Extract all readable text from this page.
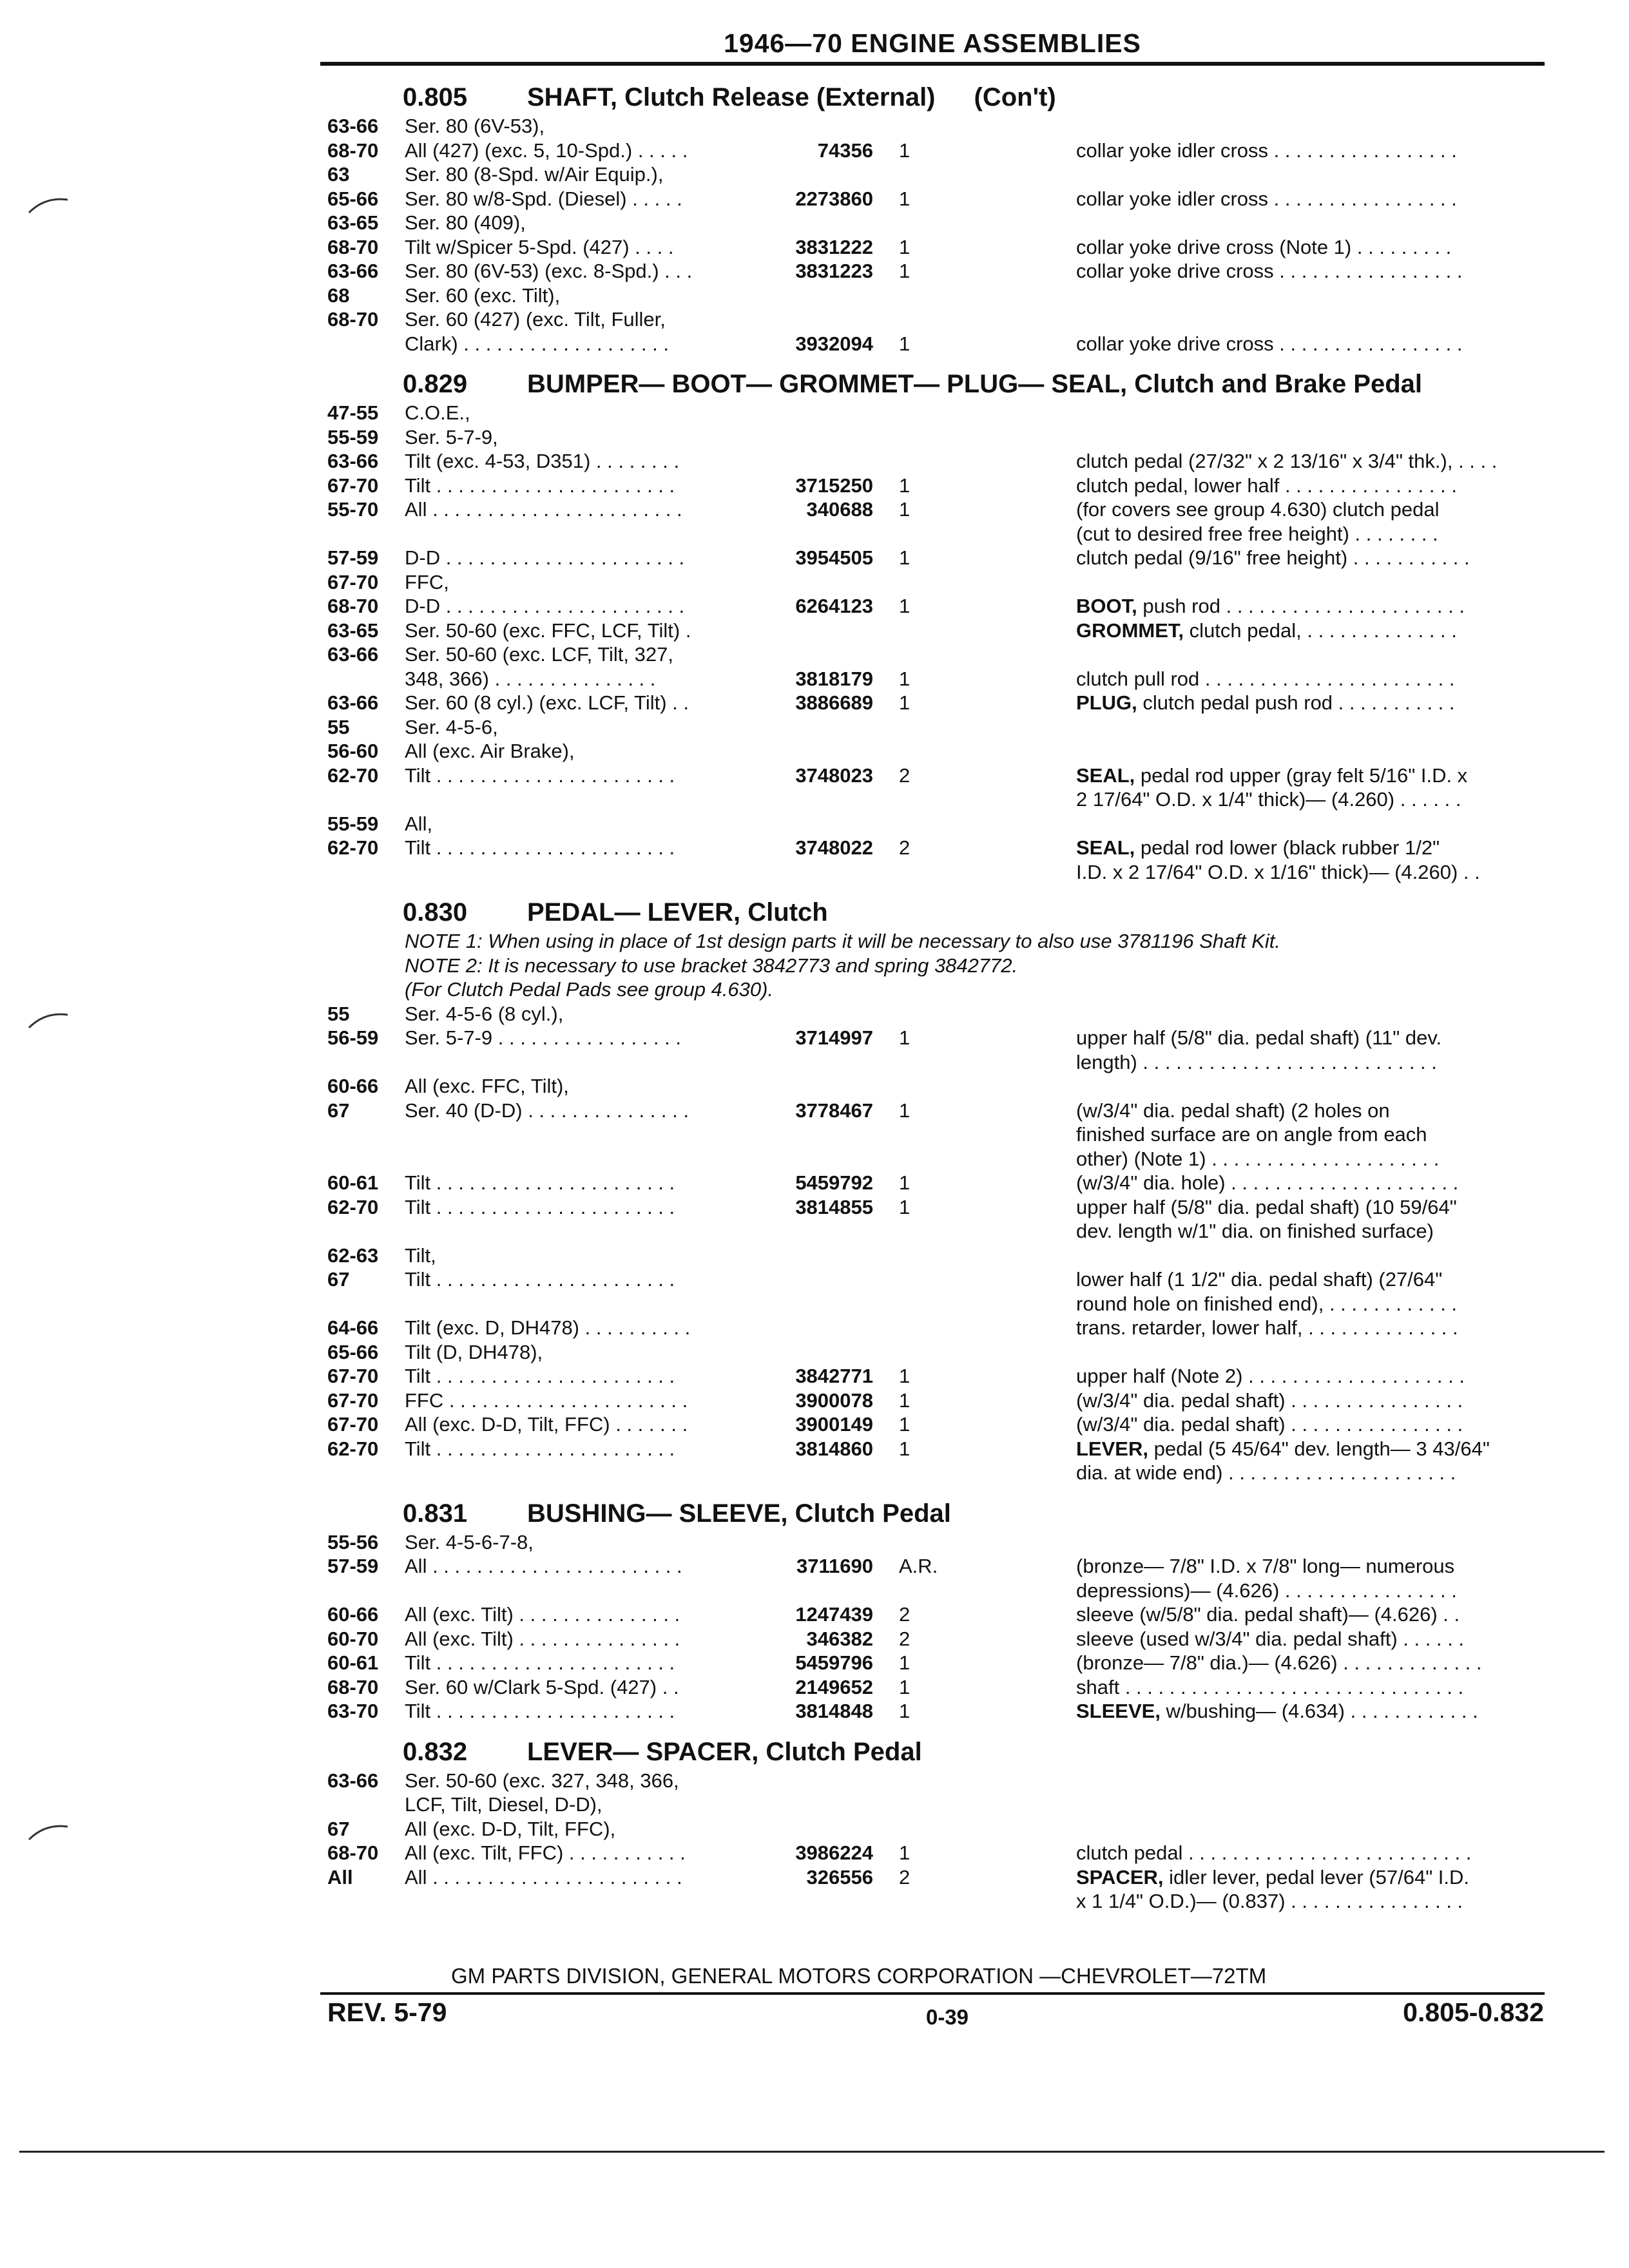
1946—70 ENGINE ASSEMBLIES
0.805 SHAFT, Clutch Release (External) (Con't)
63-66	Ser. 80 (6V-53),
68-70	All (427) (exc. 5, 10-Spd.) . . . . .	74356 1	collar yoke idler cross . . . . . . . . . . . . . . . . .
63	Ser. 80 (8-Spd. w/Air Equip.),
65-66	Ser. 80 w/8-Spd. (Diesel) . . . . .	2273860 1	collar yoke idler cross . . . . . . . . . . . . . . . . .
63-65	Ser. 80 (409),
68-70	Tilt w/Spicer 5-Spd. (427) . . . .	3831222 1	collar yoke drive cross (Note 1) . . . . . . . . .
63-66	Ser. 80 (6V-53) (exc. 8-Spd.) . . .	3831223 1	collar yoke drive cross . . . . . . . . . . . . . . . . .
68	Ser. 60 (exc. Tilt),
68-70	Ser. 60 (427) (exc. Tilt, Fuller,
Clark) . . . . . . . . . . . . . . . . . . .	3932094 1	collar yoke drive cross . . . . . . . . . . . . . . . . .
0.829 BUMPER— BOOT— GROMMET— PLUG— SEAL, Clutch and Brake Pedal
47-55	C.O.E.,
55-59	Ser. 5-7-9,
63-66	Tilt (exc. 4-53, D351) . . . . . . . .	clutch pedal (27/32" x 2 13/16" x 3/4" thk.), . . . .
67-70	Tilt . . . . . . . . . . . . . . . . . . . . . .	3715250 1	clutch pedal, lower half . . . . . . . . . . . . . . . .
55-70	All . . . . . . . . . . . . . . . . . . . . . . .	340688 1	(for covers see group 4.630) clutch pedal
(cut to desired free free height) . . . . . . . .
57-59	D-D . . . . . . . . . . . . . . . . . . . . . .	3954505 1	clutch pedal (9/16" free height) . . . . . . . . . . .
67-70	FFC,
68-70	D-D . . . . . . . . . . . . . . . . . . . . . .	6264123 1	BOOT, push rod . . . . . . . . . . . . . . . . . . . . . .
63-65	Ser. 50-60 (exc. FFC, LCF, Tilt) .	GROMMET, clutch pedal, . . . . . . . . . . . . . .
63-66	Ser. 50-60 (exc. LCF, Tilt, 327,
348, 366) . . . . . . . . . . . . . . .	3818179 1	clutch pull rod . . . . . . . . . . . . . . . . . . . . . . .
63-66	Ser. 60 (8 cyl.) (exc. LCF, Tilt) . .	3886689 1	PLUG, clutch pedal push rod . . . . . . . . . . .
55	Ser. 4-5-6,
56-60	All (exc. Air Brake),
62-70	Tilt . . . . . . . . . . . . . . . . . . . . . .	3748023 2	SEAL, pedal rod upper (gray felt 5/16" I.D. x
2 17/64" O.D. x 1/4" thick)— (4.260) . . . . . .
55-59	All,
62-70	Tilt . . . . . . . . . . . . . . . . . . . . . .	3748022 2	SEAL, pedal rod lower (black rubber 1/2"
I.D. x 2 17/64" O.D. x 1/16" thick)— (4.260) . .
0.830 PEDAL— LEVER, Clutch
NOTE 1: When using in place of 1st design parts it will be necessary to also use 3781196 Shaft Kit.
NOTE 2: It is necessary to use bracket 3842773 and spring 3842772.
(For Clutch Pedal Pads see group 4.630).
55	Ser. 4-5-6 (8 cyl.),
56-59	Ser. 5-7-9 . . . . . . . . . . . . . . . . .	3714997 1	upper half (5/8" dia. pedal shaft) (11" dev.
length) . . . . . . . . . . . . . . . . . . . . . . . . . . .
60-66	All (exc. FFC, Tilt),
67	Ser. 40 (D-D) . . . . . . . . . . . . . . .	3778467 1	(w/3/4" dia. pedal shaft) (2 holes on
finished surface are on angle from each
other) (Note 1) . . . . . . . . . . . . . . . . . . . . .
60-61	Tilt . . . . . . . . . . . . . . . . . . . . . .	5459792 1	(w/3/4" dia. hole) . . . . . . . . . . . . . . . . . . . . .
62-70	Tilt . . . . . . . . . . . . . . . . . . . . . .	3814855 1	upper half (5/8" dia. pedal shaft) (10 59/64"
dev. length w/1" dia. on finished surface)
62-63	Tilt,
67	Tilt . . . . . . . . . . . . . . . . . . . . . .	lower half (1 1/2" dia. pedal shaft) (27/64"
round hole on finished end), . . . . . . . . . . . .
64-66	Tilt (exc. D, DH478) . . . . . . . . . .	trans. retarder, lower half, . . . . . . . . . . . . . .
65-66	Tilt (D, DH478),
67-70	Tilt . . . . . . . . . . . . . . . . . . . . . .	3842771 1	upper half (Note 2) . . . . . . . . . . . . . . . . . . . .
67-70	FFC . . . . . . . . . . . . . . . . . . . . . .	3900078 1	(w/3/4" dia. pedal shaft) . . . . . . . . . . . . . . . .
67-70	All (exc. D-D, Tilt, FFC) . . . . . . .	3900149 1	(w/3/4" dia. pedal shaft) . . . . . . . . . . . . . . . .
62-70	Tilt . . . . . . . . . . . . . . . . . . . . . .	3814860 1	LEVER, pedal (5 45/64" dev. length— 3 43/64"
dia. at wide end) . . . . . . . . . . . . . . . . . . . . .
0.831 BUSHING— SLEEVE, Clutch Pedal
55-56	Ser. 4-5-6-7-8,
57-59	All . . . . . . . . . . . . . . . . . . . . . . .	3711690 A.R.	(bronze— 7/8" I.D. x 7/8" long— numerous
depressions)— (4.626) . . . . . . . . . . . . . . . .
60-66	All (exc. Tilt) . . . . . . . . . . . . . . .	1247439 2	sleeve (w/5/8" dia. pedal shaft)— (4.626) . .
60-70	All (exc. Tilt) . . . . . . . . . . . . . . .	346382 2	sleeve (used w/3/4" dia. pedal shaft) . . . . . .
60-61	Tilt . . . . . . . . . . . . . . . . . . . . . .	5459796 1	(bronze— 7/8" dia.)— (4.626) . . . . . . . . . . . . .
68-70	Ser. 60 w/Clark 5-Spd. (427) . .	2149652 1	shaft . . . . . . . . . . . . . . . . . . . . . . . . . . . . . . .
63-70	Tilt . . . . . . . . . . . . . . . . . . . . . .	3814848 1	SLEEVE, w/bushing— (4.634) . . . . . . . . . . . .
0.832 LEVER— SPACER, Clutch Pedal
63-66	Ser. 50-60 (exc. 327, 348, 366,
LCF, Tilt, Diesel, D-D),
67	All (exc. D-D, Tilt, FFC),
68-70	All (exc. Tilt, FFC) . . . . . . . . . . .	3986224 1	clutch pedal . . . . . . . . . . . . . . . . . . . . . . . . . .
All	All . . . . . . . . . . . . . . . . . . . . . . .	326556 2	SPACER, idler lever, pedal lever (57/64" I.D.
x 1 1/4" O.D.)— (0.837) . . . . . . . . . . . . . . . .
GM PARTS DIVISION, GENERAL MOTORS CORPORATION —CHEVROLET—72TM
REV. 5-79	0-39	0.805-0.832
